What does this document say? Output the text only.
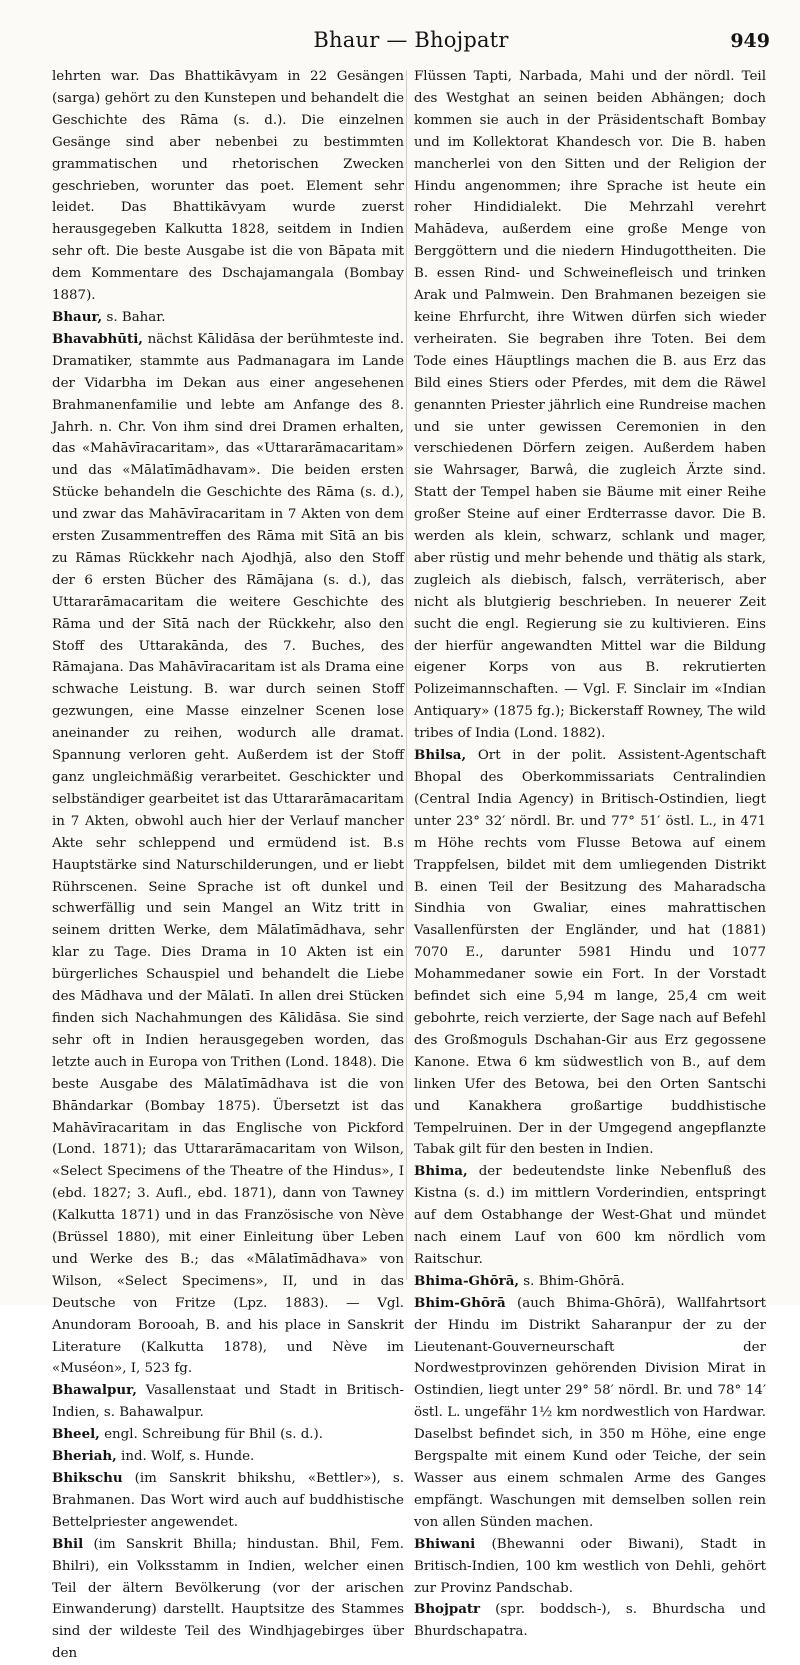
Bhaur — Bhojpatr	949

lehrten war. Das Bhattikāvyam in 22 Gesängen (sarga) gehört zu den Kunstepen und behandelt die Geschichte des Rāma (s. d.). Die einzelnen Gesänge sind aber nebenbei zu bestimmten grammatischen und rhetorischen Zwecken geschrieben, worunter das poet. Element sehr leidet. Das Bhattikāvyam wurde zuerst herausgegeben Kalkutta 1828, seitdem in Indien sehr oft. Die beste Ausgabe ist die von Bāpata mit dem Kommentare des Dschajamangala (Bombay 1887).

Bhaur, s. Bahar.

Bhavabhūti, nächst Kālidāsa der berühmteste ind. Dramatiker, stammte aus Padmanagara im Lande der Vidarbha im Dekan aus einer angesehenen Brahmanenfamilie und lebte am Anfange des 8. Jahrh. n. Chr. Von ihm sind drei Dramen erhalten, das «Mahāvīracaritam», das «Uttararāmacaritam» und das «Mālatīmādhavam». Die beiden ersten Stücke behandeln die Geschichte des Rāma (s. d.), und zwar das Mahāvīracaritam in 7 Akten von dem ersten Zusammentreffen des Rāma mit Sītā an bis zu Rāmas Rückkehr nach Ajodhjā, also den Stoff der 6 ersten Bücher des Rāmājana (s. d.), das Uttararāmacaritam die weitere Geschichte des Rāma und der Sītā nach der Rückkehr, also den Stoff des Uttarakānda, des 7. Buches, des Rāmajana. Das Mahāvīracaritam ist als Drama eine schwache Leistung. B. war durch seinen Stoff gezwungen, eine Masse einzelner Scenen lose aneinander zu reihen, wodurch alle dramat. Spannung verloren geht. Außerdem ist der Stoff ganz ungleichmäßig verarbeitet. Geschickter und selbständiger gearbeitet ist das Uttararāmacaritam in 7 Akten, obwohl auch hier der Verlauf mancher Akte sehr schleppend und ermüdend ist. B.s Hauptstärke sind Naturschilderungen, und er liebt Rührscenen. Seine Sprache ist oft dunkel und schwerfällig und sein Mangel an Witz tritt in seinem dritten Werke, dem Mālatīmādhava, sehr klar zu Tage. Dies Drama in 10 Akten ist ein bürgerliches Schauspiel und behandelt die Liebe des Mādhava und der Mālatī. In allen drei Stücken finden sich Nachahmungen des Kālidāsa. Sie sind sehr oft in Indien herausgegeben worden, das letzte auch in Europa von Trithen (Lond. 1848). Die beste Ausgabe des Mālatīmādhava ist die von Bhāndarkar (Bombay 1875). Übersetzt ist das Mahāvīracaritam in das Englische von Pickford (Lond. 1871); das Uttararāmacaritam von Wilson, «Select Specimens of the Theatre of the Hindus», I (ebd. 1827; 3. Aufl., ebd. 1871), dann von Tawney (Kalkutta 1871) und in das Französische von Nève (Brüssel 1880), mit einer Einleitung über Leben und Werke des B.; das «Mālatīmādhava» von Wilson, «Select Specimens», II, und in das Deutsche von Fritze (Lpz. 1883). — Vgl. Anundoram Borooah, B. and his place in Sanskrit Literature (Kalkutta 1878), und Nève im «Muséon», I, 523 fg.

Bhawalpur, Vasallenstaat und Stadt in Britisch-Indien, s. Bahawalpur.

Bheel, engl. Schreibung für Bhil (s. d.).

Bheriah, ind. Wolf, s. Hunde.

Bhikschu (im Sanskrit bhikshu, «Bettler»), s. Brahmanen. Das Wort wird auch auf buddhistische Bettelpriester angewendet.

Bhil (im Sanskrit Bhilla; hindustan. Bhil, Fem. Bhilri), ein Volksstamm in Indien, welcher einen Teil der ältern Bevölkerung (vor der arischen Einwanderung) darstellt. Hauptsitze des Stammes sind der wildeste Teil des Windhjagebirges über den

Flüssen Tapti, Narbada, Mahi und der nördl. Teil des Westghat an seinen beiden Abhängen; doch kommen sie auch in der Präsidentschaft Bombay und im Kollektorat Khandesch vor. Die B. haben mancherlei von den Sitten und der Religion der Hindu angenommen; ihre Sprache ist heute ein roher Hindidialekt. Die Mehrzahl verehrt Mahādeva, außerdem eine große Menge von Berggöttern und die niedern Hindugottheiten. Die B. essen Rind- und Schweinefleisch und trinken Arak und Palmwein. Den Brahmanen bezeigen sie keine Ehrfurcht, ihre Witwen dürfen sich wieder verheiraten. Sie begraben ihre Toten. Bei dem Tode eines Häuptlings machen die B. aus Erz das Bild eines Stiers oder Pferdes, mit dem die Räwel genannten Priester jährlich eine Rundreise machen und sie unter gewissen Ceremonien in den verschiedenen Dörfern zeigen. Außerdem haben sie Wahrsager, Barwâ, die zugleich Ärzte sind. Statt der Tempel haben sie Bäume mit einer Reihe großer Steine auf einer Erdterrasse davor. Die B. werden als klein, schwarz, schlank und mager, aber rüstig und mehr behende und thätig als stark, zugleich als diebisch, falsch, verräterisch, aber nicht als blutgierig beschrieben. In neuerer Zeit sucht die engl. Regierung sie zu kultivieren. Eins der hierfür angewandten Mittel war die Bildung eigener Korps von aus B. rekrutierten Polizeimannschaften. — Vgl. F. Sinclair im «Indian Antiquary» (1875 fg.); Bickerstaff Rowney, The wild tribes of India (Lond. 1882).

Bhilsa, Ort in der polit. Assistent-Agentschaft Bhopal des Oberkommissariats Centralindien (Central India Agency) in Britisch-Ostindien, liegt unter 23° 32′ nördl. Br. und 77° 51′ östl. L., in 471 m Höhe rechts vom Flusse Betowa auf einem Trappfelsen, bildet mit dem umliegenden Distrikt B. einen Teil der Besitzung des Maharadscha Sindhia von Gwaliar, eines mahrattischen Vasallenfürsten der Engländer, und hat (1881) 7070 E., darunter 5981 Hindu und 1077 Mohammedaner sowie ein Fort. In der Vorstadt befindet sich eine 5,94 m lange, 25,4 cm weit gebohrte, reich verzierte, der Sage nach auf Befehl des Großmoguls Dschahan-Gir aus Erz gegossene Kanone. Etwa 6 km südwestlich von B., auf dem linken Ufer des Betowa, bei den Orten Santschi und Kanakhera großartige buddhistische Tempelruinen. Der in der Umgegend angepflanzte Tabak gilt für den besten in Indien.

Bhima, der bedeutendste linke Nebenfluß des Kistna (s. d.) im mittlern Vorderindien, entspringt auf dem Ostabhange der West-Ghat und mündet nach einem Lauf von 600 km nördlich vom Raitschur.

Bhima-Ghōrā, s. Bhim-Ghōrā.

Bhim-Ghōrā (auch Bhima-Ghōrā), Wallfahrtsort der Hindu im Distrikt Saharanpur der zu der Lieutenant-Gouverneurschaft der Nordwestprovinzen gehörenden Division Mirat in Ostindien, liegt unter 29° 58′ nördl. Br. und 78° 14′ östl. L. ungefähr 1½ km nordwestlich von Hardwar. Daselbst befindet sich, in 350 m Höhe, eine enge Bergspalte mit einem Kund oder Teiche, der sein Wasser aus einem schmalen Arme des Ganges empfängt. Waschungen mit demselben sollen rein von allen Sünden machen.

Bhiwani (Bhewanni oder Biwani), Stadt in Britisch-Indien, 100 km westlich von Dehli, gehört zur Provinz Pandschab.

Bhojpatr (spr. boddsch-), s. Bhurdscha und Bhurdschapatra.
